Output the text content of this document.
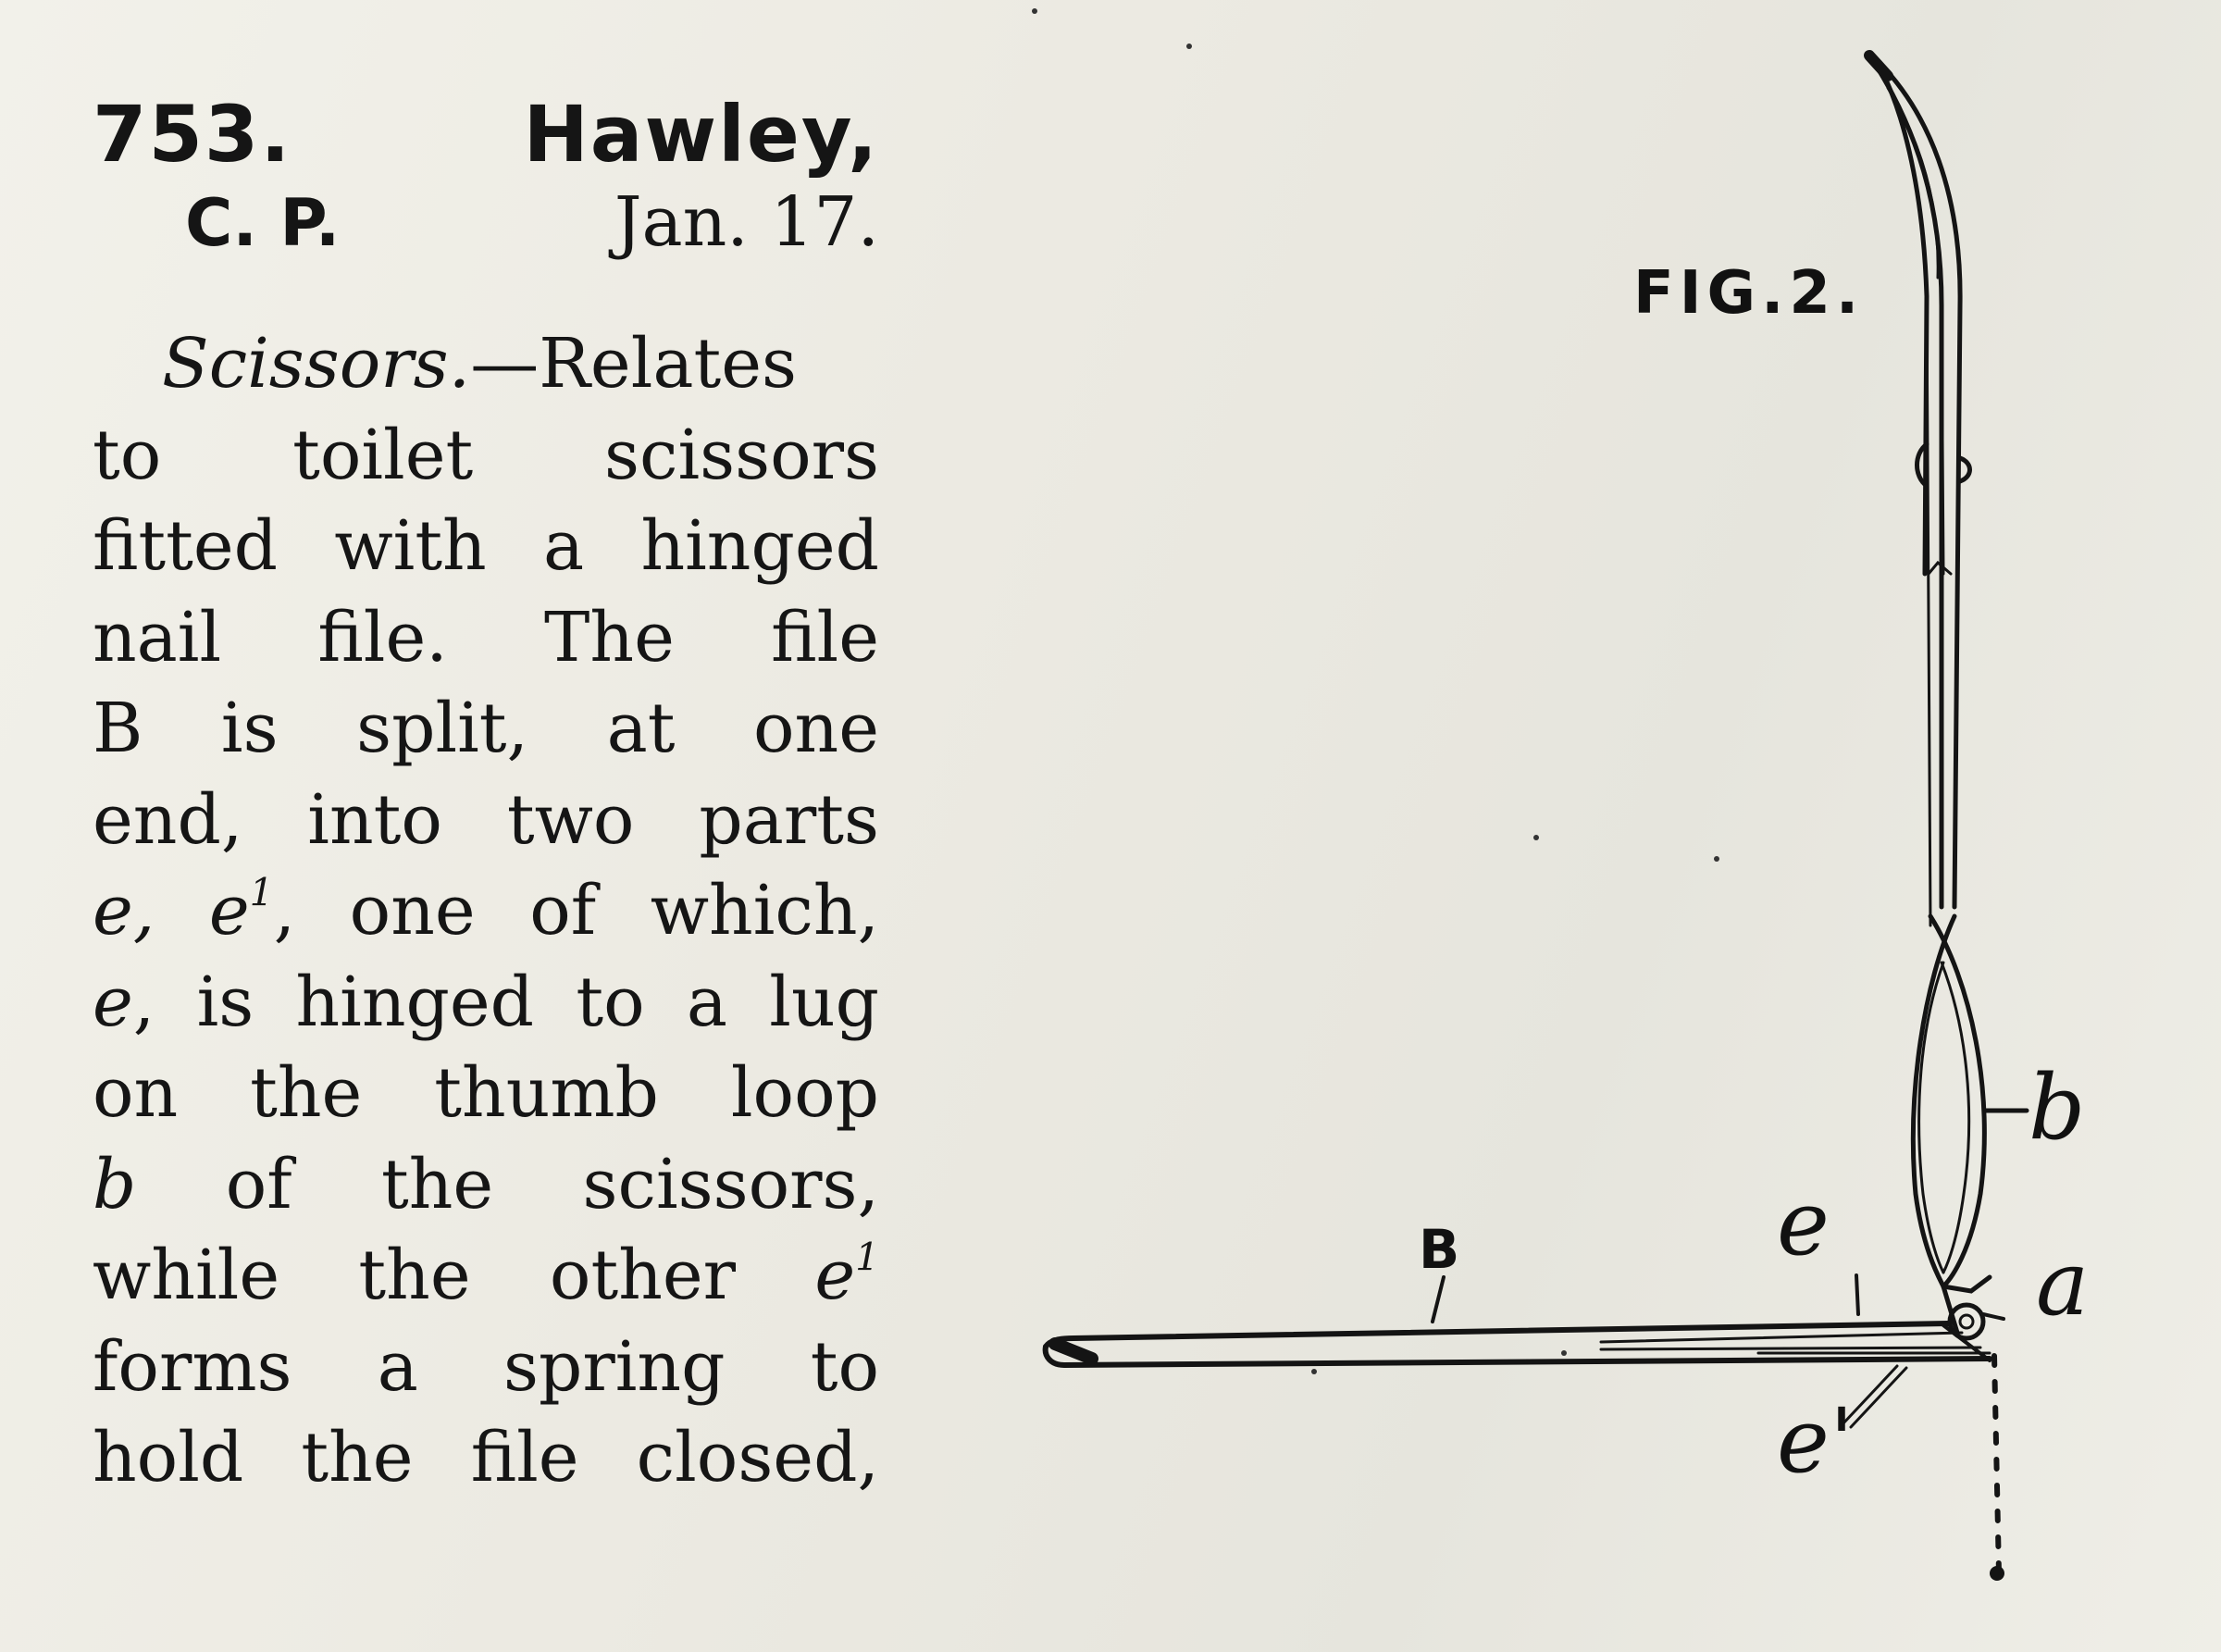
753.	Hawley,
C. P.	Jan. 17.
Scissors.—Relates
to toilet scissors
fitted with a hinged
nail file. The file
B is split, at one
end, into two parts
e, $e^1$, one of which,
e, is hinged to a lug
on the thumb loop
b of the scissors,
while the other $e^1$
forms a spring to
hold the file closed,
FIG.2.
B	e
e'
a
b
